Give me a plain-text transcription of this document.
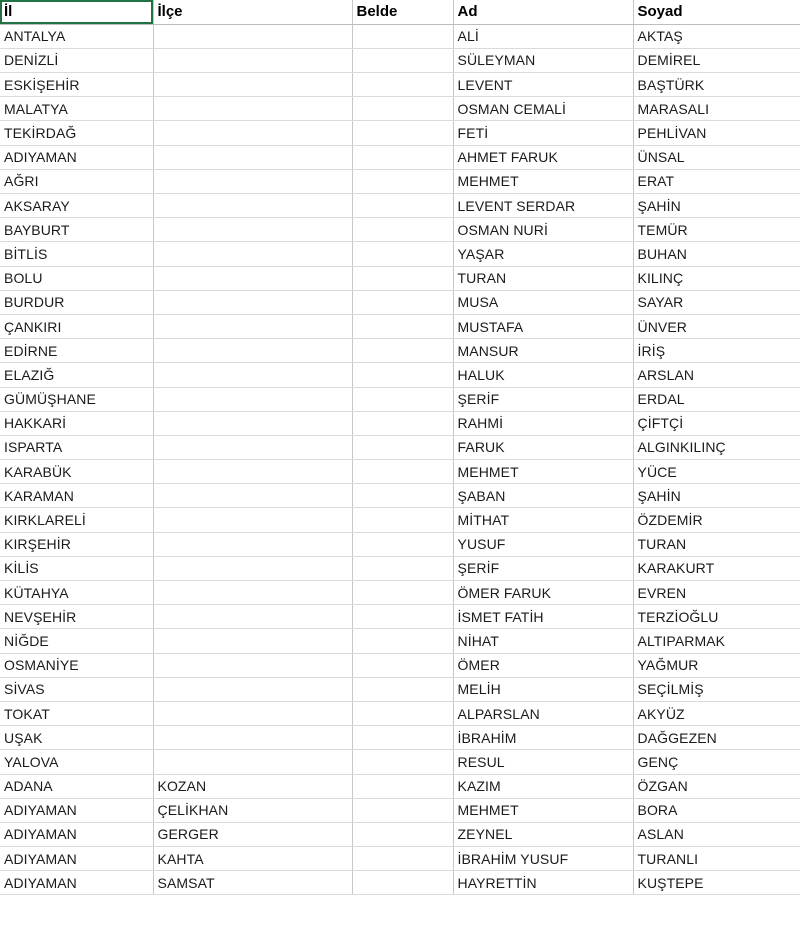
İl	İlçe	Belde	Ad	Soyad
ANTALYA			ALİ	AKTAŞ
DENİZLİ			SÜLEYMAN	DEMİREL
ESKİŞEHİR			LEVENT	BAŞTÜRK
MALATYA			OSMAN CEMALİ	MARASALI
TEKİRDAĞ			FETİ	PEHLİVAN
ADIYAMAN			AHMET FARUK	ÜNSAL
AĞRI			MEHMET	ERAT
AKSARAY			LEVENT SERDAR	ŞAHİN
BAYBURT			OSMAN NURİ	TEMÜR
BİTLİS			YAŞAR	BUHAN
BOLU			TURAN	KILINÇ
BURDUR			MUSA	SAYAR
ÇANKIRI			MUSTAFA	ÜNVER
EDİRNE			MANSUR	İRİŞ
ELAZIĞ			HALUK	ARSLAN
GÜMÜŞHANE			ŞERİF	ERDAL
HAKKARİ			RAHMİ	ÇİFTÇİ
ISPARTA			FARUK	ALGINKILINÇ
KARABÜK			MEHMET	YÜCE
KARAMAN			ŞABAN	ŞAHİN
KIRKLARELİ			MİTHAT	ÖZDEMİR
KIRŞEHİR			YUSUF	TURAN
KİLİS			ŞERİF	KARAKURT
KÜTAHYA			ÖMER FARUK	EVREN
NEVŞEHİR			İSMET FATİH	TERZİOĞLU
NİĞDE			NİHAT	ALTIPARMAK
OSMANİYE			ÖMER	YAĞMUR
SİVAS			MELİH	SEÇİLMİŞ
TOKAT			ALPARSLAN	AKYÜZ
UŞAK			İBRAHİM	DAĞGEZEN
YALOVA			RESUL	GENÇ
ADANA	KOZAN		KAZIM	ÖZGAN
ADIYAMAN	ÇELİKHAN		MEHMET	BORA
ADIYAMAN	GERGER		ZEYNEL	ASLAN
ADIYAMAN	KAHTA		İBRAHİM YUSUF	TURANLI
ADIYAMAN	SAMSAT		HAYRETTİN	KUŞTEPE
